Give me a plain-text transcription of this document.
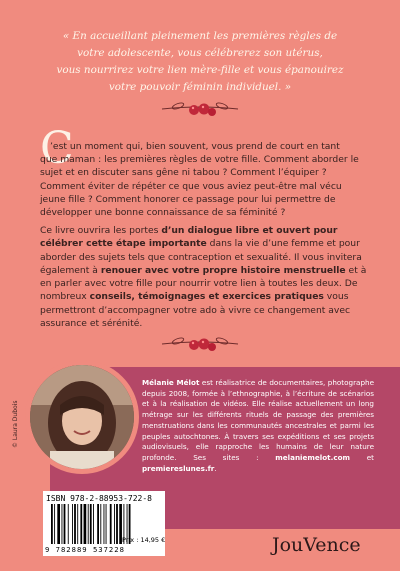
« En accueillant pleinement les premières règles de
votre adolescente, vous célébrerez son utérus,
vous nourrirez votre lien mère-fille et vous épanouirez
votre pouvoir féminin individuel. »
C
’est un moment qui, bien souvent, vous prend de court en tant
que maman : les premières règles de votre fille. Comment aborder le sujet et en discuter sans gêne ni tabou ? Comment l’équiper ? Comment éviter de répéter ce que vous aviez peut-être mal vécu jeune fille ? Comment honorer ce passage pour lui permettre de développer une bonne connaissance de sa féminité ?

Ce livre ouvrira les portes d’un dialogue libre et ouvert pour célébrer cette étape importante dans la vie d’une femme et pour aborder des sujets tels que contraception et sexualité. Il vous invitera également à renouer avec votre propre histoire menstruelle et à en parler avec votre fille pour nourrir votre lien à toutes les deux. De nombreux conseils, témoignages et exercices pratiques vous permettront d’accompagner votre ado à vivre ce changement avec assurance et sérénité.

© Laura Dubois

Mélanie Mélot est réalisatrice de documentaires, photographe depuis 2008, formée à l’ethnographie, à l’écriture de scénarios et à la réalisation de vidéos. Elle réalise actuellement un long métrage sur les différents rituels de passage des premières menstruations dans les communautés ancestrales et parmi les peuples autochtones. À travers ses expéditions et ses projets audiovisuels, elle rapproche les humains de leur nature profonde. Ses sites : melaniemelot.com et premiereslunes.fr.

ISBN 978-2-88953-722-8
9 782889 537228
Prix : 14,95 €	JouVence
